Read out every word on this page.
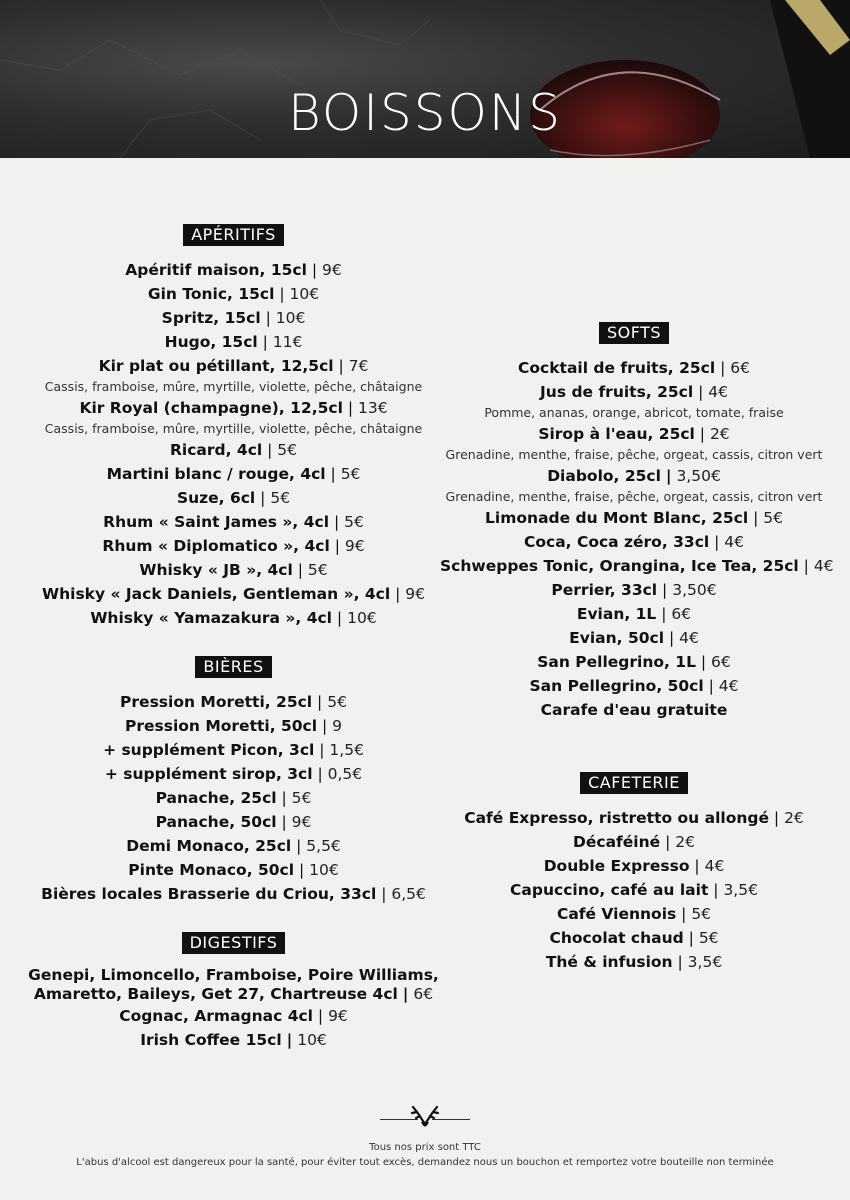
BOISSONS
APÉRITIFS
Apéritif maison, 15cl | 9€
Gin Tonic, 15cl | 10€
Spritz, 15cl | 10€
Hugo, 15cl | 11€
Kir plat ou pétillant, 12,5cl | 7€
Cassis, framboise, mûre, myrtille, violette, pêche, châtaigne
Kir Royal (champagne), 12,5cl | 13€
Cassis, framboise, mûre, myrtille, violette, pêche, châtaigne
Ricard, 4cl | 5€
Martini blanc / rouge, 4cl | 5€
Suze, 6cl | 5€
Rhum « Saint James », 4cl | 5€
Rhum « Diplomatico », 4cl | 9€
Whisky « JB », 4cl | 5€
Whisky « Jack Daniels, Gentleman », 4cl | 9€
Whisky « Yamazakura », 4cl | 10€
BIÈRES
Pression Moretti, 25cl | 5€
Pression Moretti, 50cl | 9
+ supplément Picon, 3cl | 1,5€
+ supplément sirop, 3cl | 0,5€
Panache, 25cl | 5€
Panache, 50cl | 9€
Demi Monaco, 25cl | 5,5€
Pinte Monaco, 50cl | 10€
Bières locales Brasserie du Criou, 33cl | 6,5€
DIGESTIFS
Genepi, Limoncello, Framboise, Poire Williams,
Amaretto, Baileys, Get 27, Chartreuse 4cl | 6€
Cognac, Armagnac 4cl | 9€
Irish Coffee 15cl | 10€
SOFTS
Cocktail de fruits, 25cl | 6€
Jus de fruits, 25cl | 4€
Pomme, ananas, orange, abricot, tomate, fraise
Sirop à l'eau, 25cl | 2€
Grenadine, menthe, fraise, pêche, orgeat, cassis, citron vert
Diabolo, 25cl | 3,50€
Grenadine, menthe, fraise, pêche, orgeat, cassis, citron vert
Limonade du Mont Blanc, 25cl | 5€
Coca, Coca zéro, 33cl | 4€
Schweppes Tonic, Orangina, Ice Tea, 25cl | 4€
Perrier, 33cl | 3,50€
Evian, 1L | 6€
Evian, 50cl | 4€
San Pellegrino, 1L | 6€
San Pellegrino, 50cl | 4€
Carafe d'eau gratuite
CAFETERIE
Café Expresso, ristretto ou allongé | 2€
Décaféiné | 2€
Double Expresso | 4€
Capuccino, café au lait | 3,5€
Café Viennois | 5€
Chocolat chaud | 5€
Thé & infusion | 3,5€
Tous nos prix sont TTC
L'abus d'alcool est dangereux pour la santé, pour éviter tout excès, demandez nous un bouchon et remportez votre bouteille non terminée
